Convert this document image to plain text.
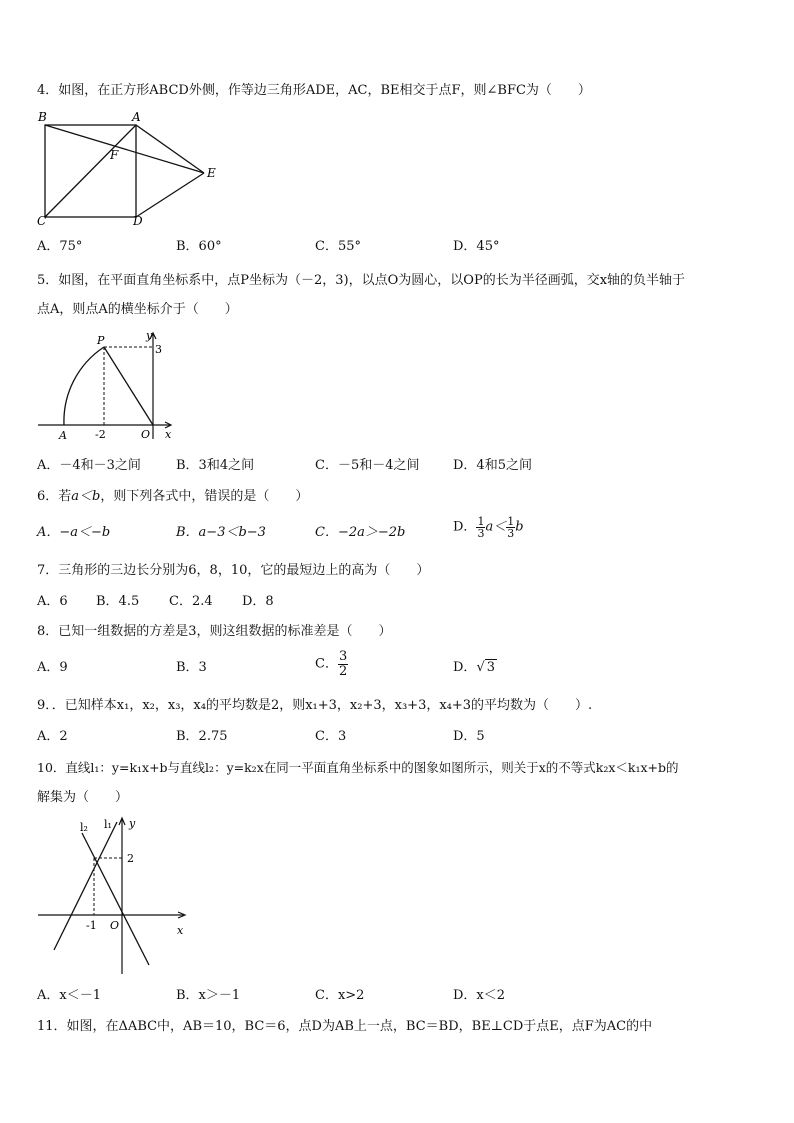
4．如图，在正方形ABCD外侧，作等边三角形ADE，AC，BE相交于点F，则∠BFC为（　　）
B	A
F
E
C	D
A．75°	B．60°	C．55°	D．45°
5．如图，在平面直角坐标系中，点P坐标为（－2，3)，以点O为圆心，以OP的长为半径画弧，交x轴的负半轴于
点A，则点A的横坐标介于（　　）
y
P
3
A	-2	O x
A．－4和－3之间	B．3和4之间	C．－5和－4之间	D．4和5之间
6．若a＜b，则下列各式中，错误的是（　　）
A．−a＜−b	B．a−3＜b−3	C．−2a＞−2b	D． $\frac{1}{3} a< \frac{1}{3}$ b
7．三角形的三边长分别为6，8，10，它的最短边上的高为（　　）
A．6 B．4.5 C．2.4 D．8
8．已知一组数据的方差是3，则这组数据的标准差是（　　）
A．9	B．3	C． $\frac{3}{2}$	D．√ 3
9．．已知样本x₁，x₂，x₃，x₄的平均数是2，则x₁+3，x₂+3，x₃+3，x₄+3的平均数为（　　）.
A．2	B．2.75	C．3	D．5
10．直线l₁：y=k₁x+b与直线l₂：y=k₂x在同一平面直角坐标系中的图象如图所示，则关于x的不等式k₂x＜k₁x+b的
解集为（　　）
l₂ l₁ y
2
-1 O	x
A．x＜－1	B．x＞－1	C．x>2	D．x＜2
11．如图，在ΔABC中，AB＝10，BC＝6，点D为AB上一点，BC＝BD，BE⊥CD于点E，点F为AC的中
